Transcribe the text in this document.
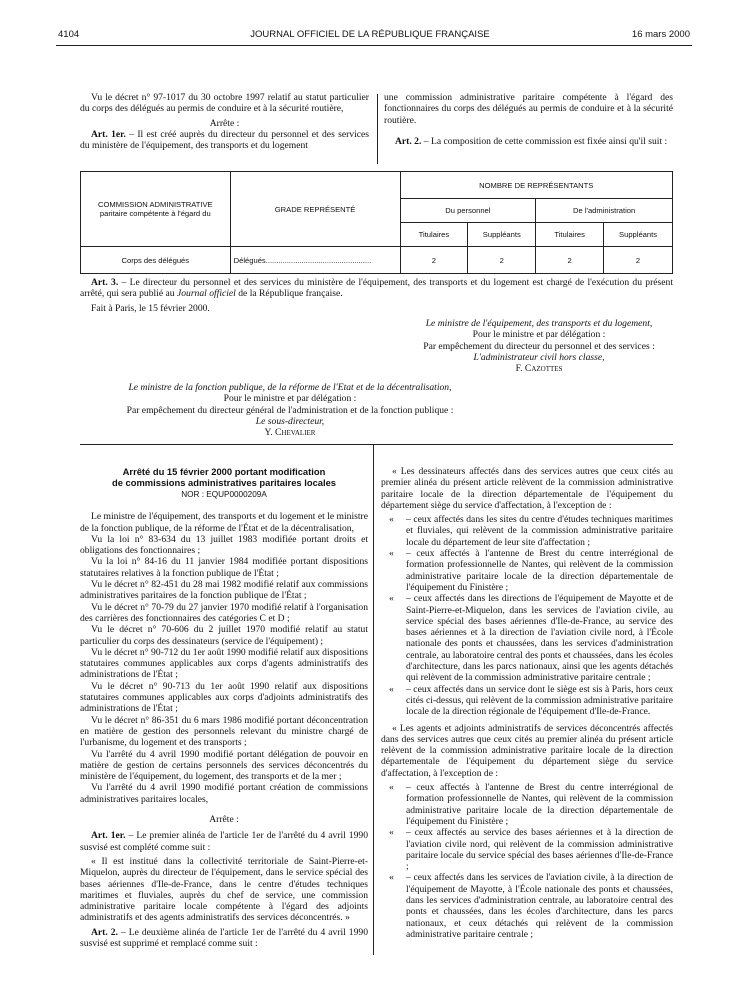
4104	JOURNAL OFFICIEL DE LA RÉPUBLIQUE FRANÇAISE	16 mars 2000

Vu le décret n° 97-1017 du 30 octobre 1997 relatif au statut particulier du corps des délégués au permis de conduire et à la sécurité routière,

Arrête :

Art. 1er. – Il est créé auprès du directeur du personnel et des services du ministère de l'équipement, des transports et du logement

une commission administrative paritaire compétente à l'égard des fonctionnaires du corps des délégués au permis de conduire et à la sécurité routière.

Art. 2. – La composition de cette commission est fixée ainsi qu'il suit :

COMMISSION ADMINISTRATIVE
paritaire compétente à l'égard du	GRADE REPRÉSENTÉ	NOMBRE DE REPRÉSENTANTS			
		Du personnel		De l'administration	
		Titulaires	Suppléants	Titulaires	Suppléants
Corps des délégués	Délégués..................................................	2	2	2	2

Art. 3. – Le directeur du personnel et des services du ministère de l'équipement, des transports et du logement est chargé de l'exécution du présent arrêté, qui sera publié au Journal officiel de la République française.

Fait à Paris, le 15 février 2000.

Le ministre de l'équipement, des transports et du logement,

Pour le ministre et par délégation :

Par empêchement du directeur du personnel et des services :

L'administrateur civil hors classe,

F. Cazottes

Le ministre de la fonction publique, de la réforme de l'Etat et de la décentralisation,

Pour le ministre et par délégation :

Par empêchement du directeur général de l'administration et de la fonction publique :

Le sous-directeur,

Y. Chevalier

Arrêté du 15 février 2000 portant modification
de commissions administratives paritaires locales

NOR : EQUP0000209A

Le ministre de l'équipement, des transports et du logement et le ministre de la fonction publique, de la réforme de l'État et de la décentralisation,

Vu la loi n° 83-634 du 13 juillet 1983 modifiée portant droits et obligations des fonctionnaires ;

Vu la loi n° 84-16 du 11 janvier 1984 modifiée portant dispositions statutaires relatives à la fonction publique de l'État ;

Vu le décret n° 82-451 du 28 mai 1982 modifié relatif aux commissions administratives paritaires de la fonction publique de l'État ;

Vu le décret n° 70-79 du 27 janvier 1970 modifié relatif à l'organisation des carrières des fonctionnaires des catégories C et D ;

Vu le décret n° 70-606 du 2 juillet 1970 modifié relatif au statut particulier du corps des dessinateurs (service de l'équipement) ;

Vu le décret n° 90-712 du 1er août 1990 modifié relatif aux dispositions statutaires communes applicables aux corps d'agents administratifs des administrations de l'État ;

Vu le décret n° 90-713 du 1er août 1990 relatif aux dispositions statutaires communes applicables aux corps d'adjoints administratifs des administrations de l'État ;

Vu le décret n° 86-351 du 6 mars 1986 modifié portant déconcentration en matière de gestion des personnels relevant du ministre chargé de l'urbanisme, du logement et des transports ;

Vu l'arrêté du 4 avril 1990 modifié portant délégation de pouvoir en matière de gestion de certains personnels des services déconcentrés du ministère de l'équipement, du logement, des transports et de la mer ;

Vu l'arrêté du 4 avril 1990 modifié portant création de commissions administratives paritaires locales,

Arrête :

Art. 1er. – Le premier alinéa de l'article 1er de l'arrêté du 4 avril 1990 susvisé est complété comme suit :

« Il est institué dans la collectivité territoriale de Saint-Pierre-et-Miquelon, auprès du directeur de l'équipement, dans le service spécial des bases aériennes d'Ile-de-France, dans le centre d'études techniques maritimes et fluviales, auprès du chef de service, une commission administrative paritaire locale compétente à l'égard des adjoints administratifs et des agents administratifs des services déconcentrés. »

Art. 2. – Le deuxième alinéa de l'article 1er de l'arrêté du 4 avril 1990 susvisé est supprimé et remplacé comme suit :

« Les dessinateurs affectés dans des services autres que ceux cités au premier alinéa du présent article relèvent de la commission administrative paritaire locale de la direction départementale de l'équipement du département siège du service d'affectation, à l'exception de :

« – ceux affectés dans les sites du centre d'études techniques maritimes et fluviales, qui relèvent de la commission administrative paritaire locale du département de leur site d'affectation ;
« – ceux affectés à l'antenne de Brest du centre interrégional de formation professionnelle de Nantes, qui relèvent de la commission administrative paritaire locale de la direction départementale de l'équipement du Finistère ;
« – ceux affectés dans les directions de l'équipement de Mayotte et de Saint-Pierre-et-Miquelon, dans les services de l'aviation civile, au service spécial des bases aériennes d'Ile-de-France, au service des bases aériennes et à la direction de l'aviation civile nord, à l'École nationale des ponts et chaussées, dans les services d'administration centrale, au laboratoire central des ponts et chaussées, dans les écoles d'architecture, dans les parcs nationaux, ainsi que les agents détachés qui relèvent de la commission administrative paritaire centrale ;
« – ceux affectés dans un service dont le siège est sis à Paris, hors ceux cités ci-dessus, qui relèvent de la commission administrative paritaire locale de la direction régionale de l'équipement d'Ile-de-France.

« Les agents et adjoints administratifs de services déconcentrés affectés dans des services autres que ceux cités au premier alinéa du présent article relèvent de la commission administrative paritaire locale de la direction départementale de l'équipement du département siège du service d'affectation, à l'exception de :

« – ceux affectés à l'antenne de Brest du centre interrégional de formation professionnelle de Nantes, qui relèvent de la commission administrative paritaire locale de la direction départementale de l'équipement du Finistère ;
« – ceux affectés au service des bases aériennes et à la direction de l'aviation civile nord, qui relèvent de la commission administrative paritaire locale du service spécial des bases aériennes d'Ile-de-France ;
« – ceux affectés dans les services de l'aviation civile, à la direction de l'équipement de Mayotte, à l'École nationale des ponts et chaussées, dans les services d'administration centrale, au laboratoire central des ponts et chaussées, dans les écoles d'architecture, dans les parcs nationaux, et ceux détachés qui relèvent de la commission administrative paritaire centrale ;
